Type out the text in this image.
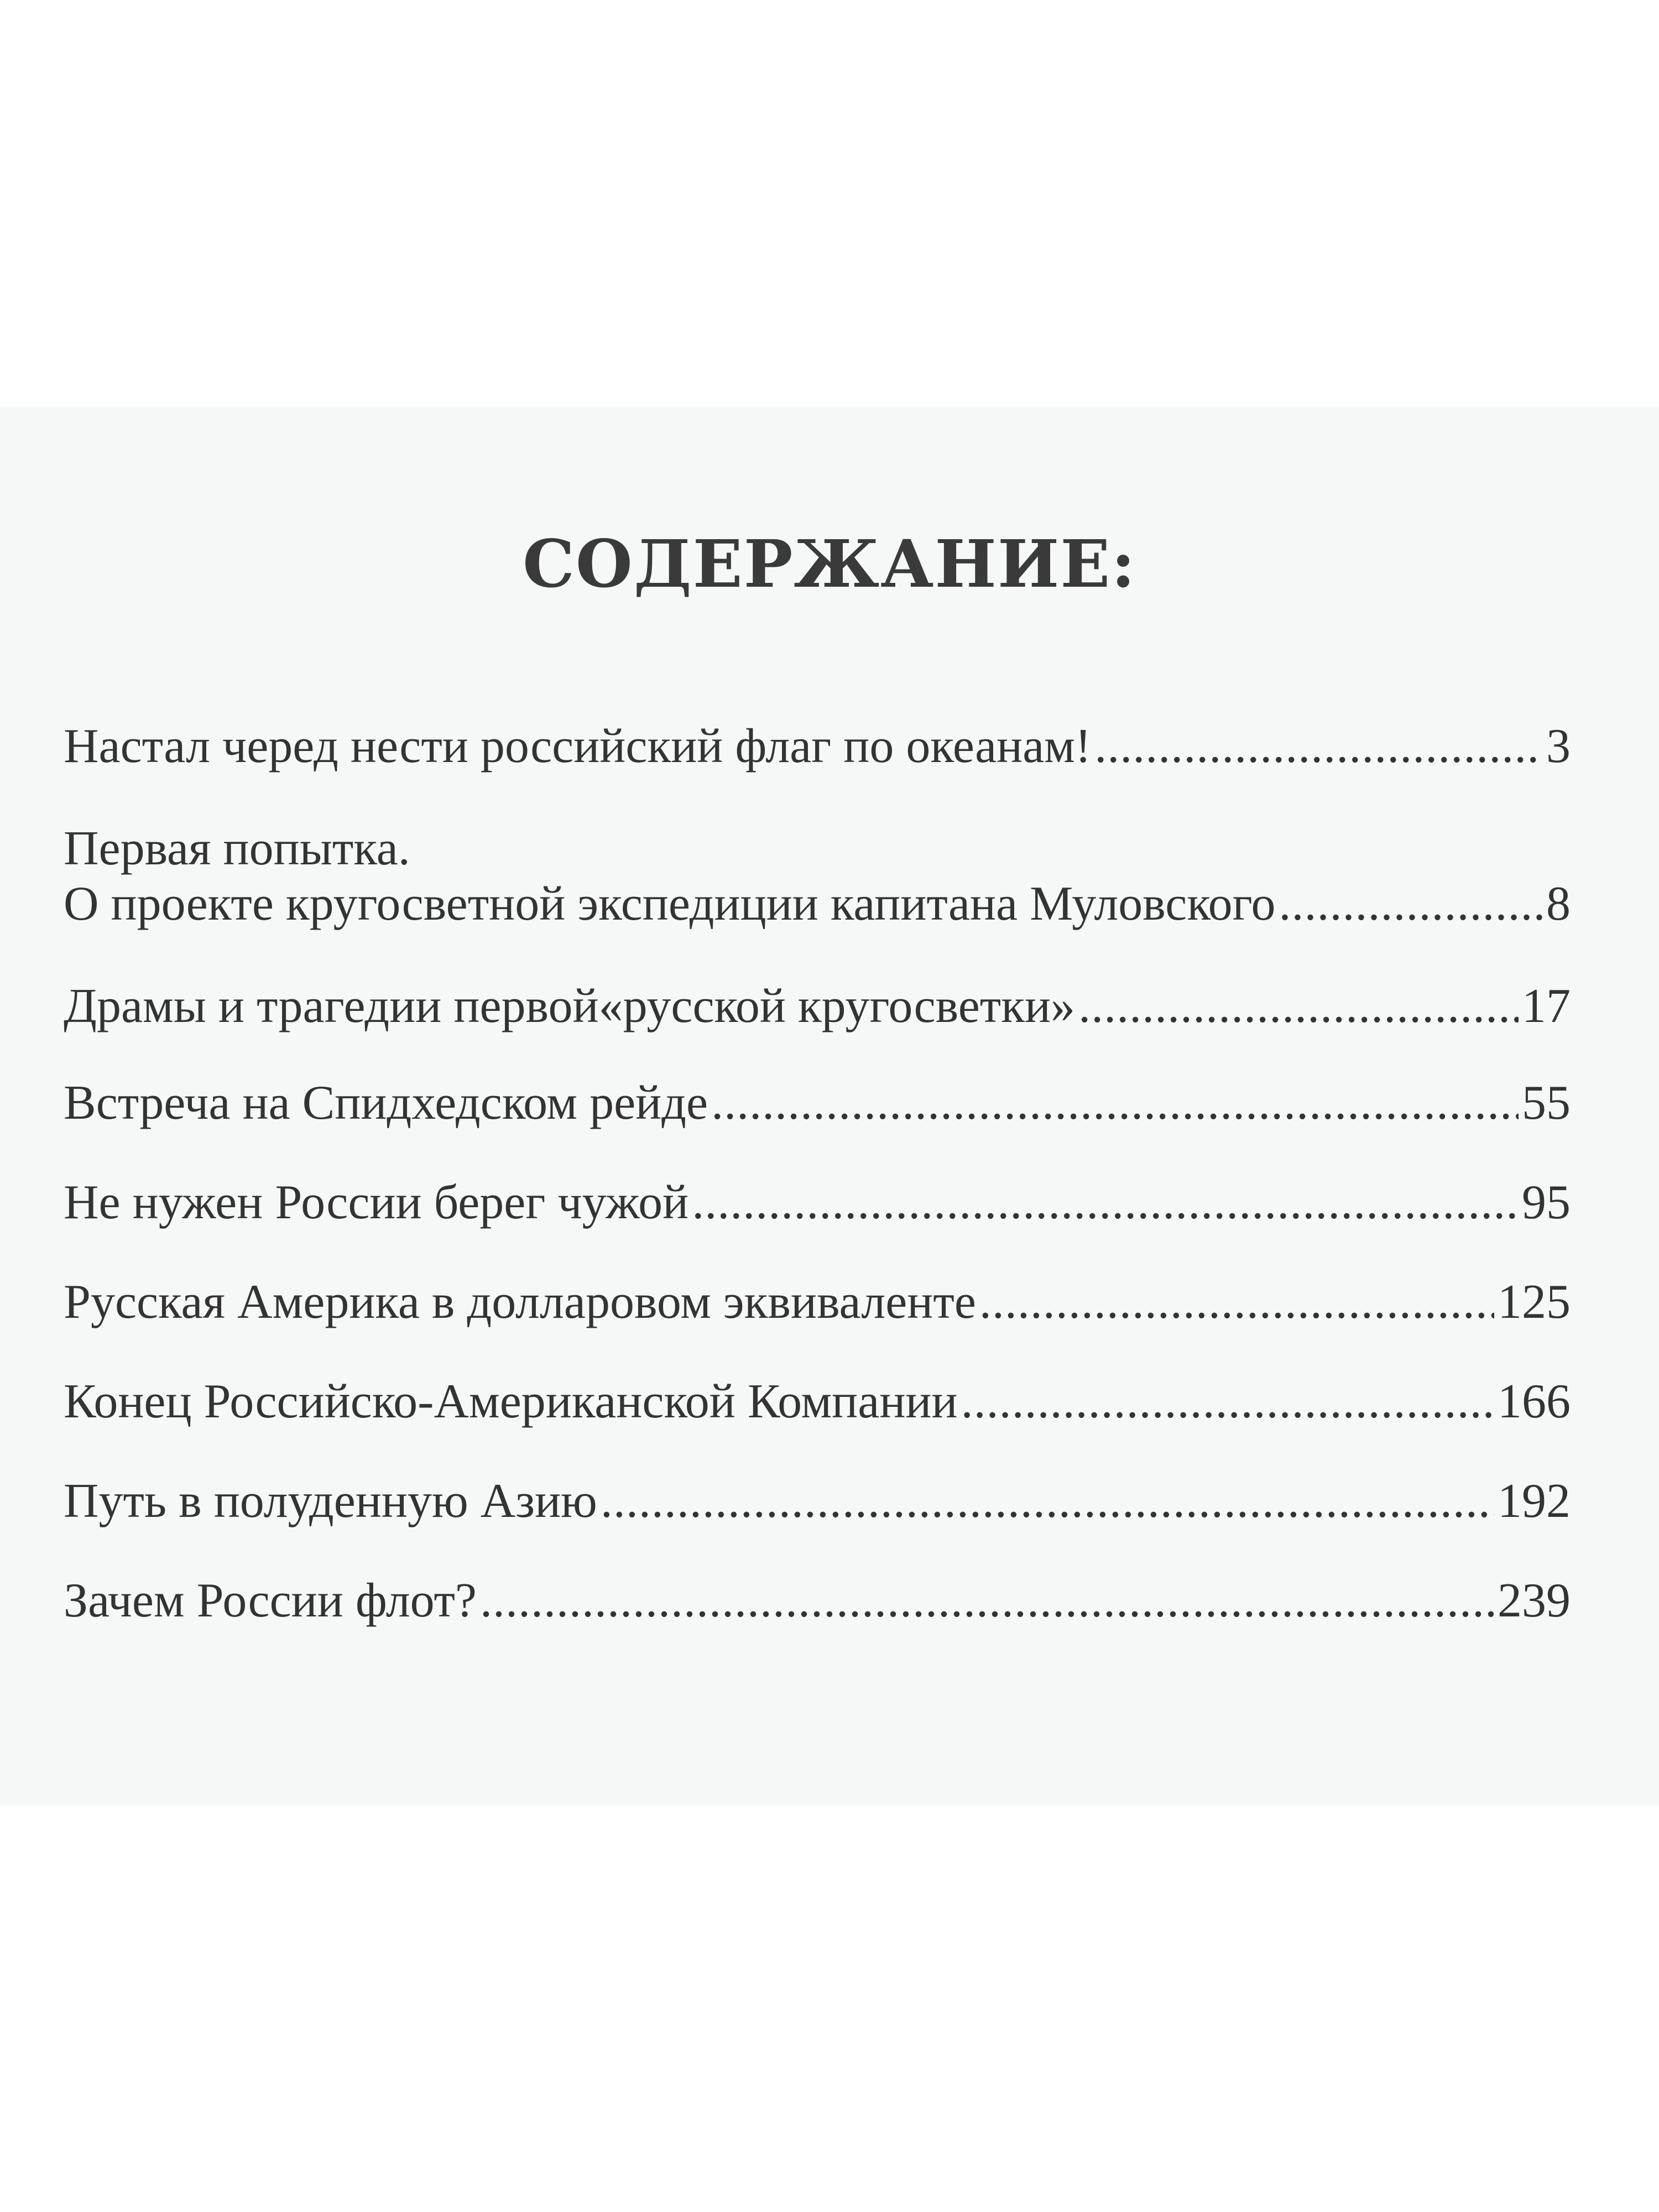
СОДЕРЖАНИЕ:
Настал черед нести российский флаг по океанам! .....	3
Первая попытка.
О проекте кругосветной экспедиции капитана Муловского .....	8
Драмы и трагедии первой«русской кругосветки» .....	17
Встреча на Спидхедском рейде .....	55
Не нужен России берег чужой .....	95
Русская Америка в долларовом эквиваленте .....	125
Конец Российско-Американской Компании .....	166
Путь в полуденную Азию .....	192
Зачем России флот? .....	239
